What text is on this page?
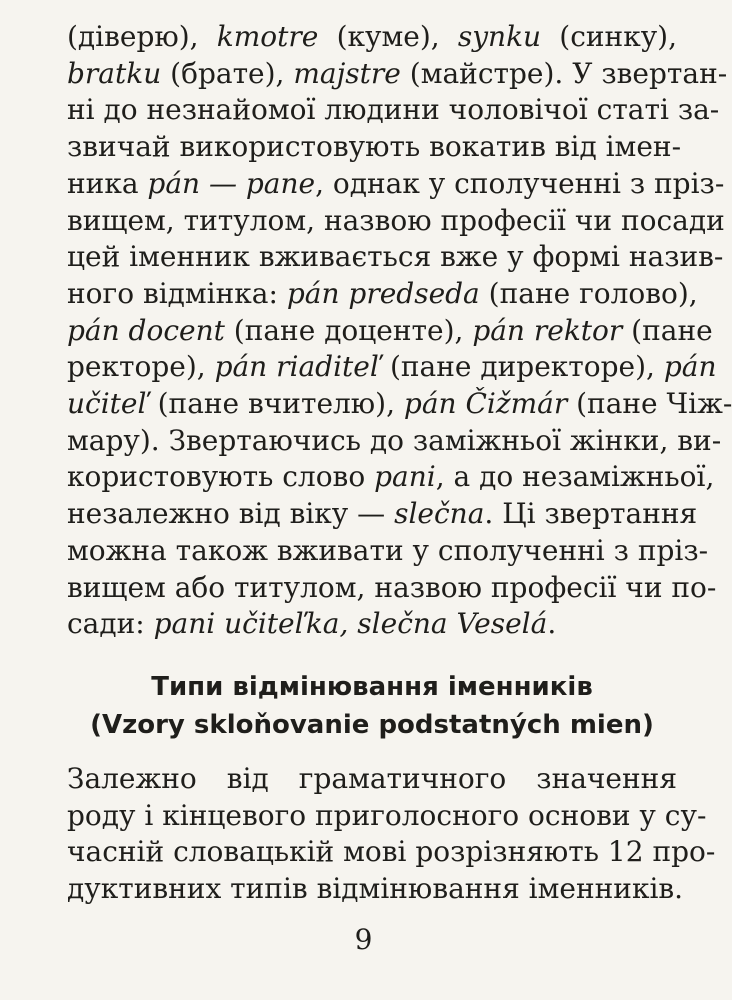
(діверю), kmotre (куме), synku (синку),
bratku (брате), majstre (майстре). У звертан-
ні до незнайомої людини чоловічої статі за-
звичай використовують вокатив від імен-
ника pán — pane, однак у сполученні з пріз-
вищем, титулом, назвою професії чи посади
цей іменник вживається вже у формі назив-
ного відмінка: pán predseda (пане голово),
pán docent (пане доценте), pán rektor (пане
ректоре), pán riaditeľ (пане директоре), pán
učiteľ (пане вчителю), pán Čižmár (пане Чіж-
мару). Звертаючись до заміжньої жінки, ви-
користовують слово pani, а до незаміжньої,
незалежно від віку — slečna. Ці звертання
можна також вживати у сполученні з пріз-
вищем або титулом, назвою професії чи по-
сади: pani učiteľka, slečna Veselá.
Типи відмінювання іменників
(Vzory skloňovanie podstatných mien)
Залежно від граматичного значення
роду і кінцевого приголосного основи у су-
часній словацькій мові розрізняють 12 про-
дуктивних типів відмінювання іменників.
9
